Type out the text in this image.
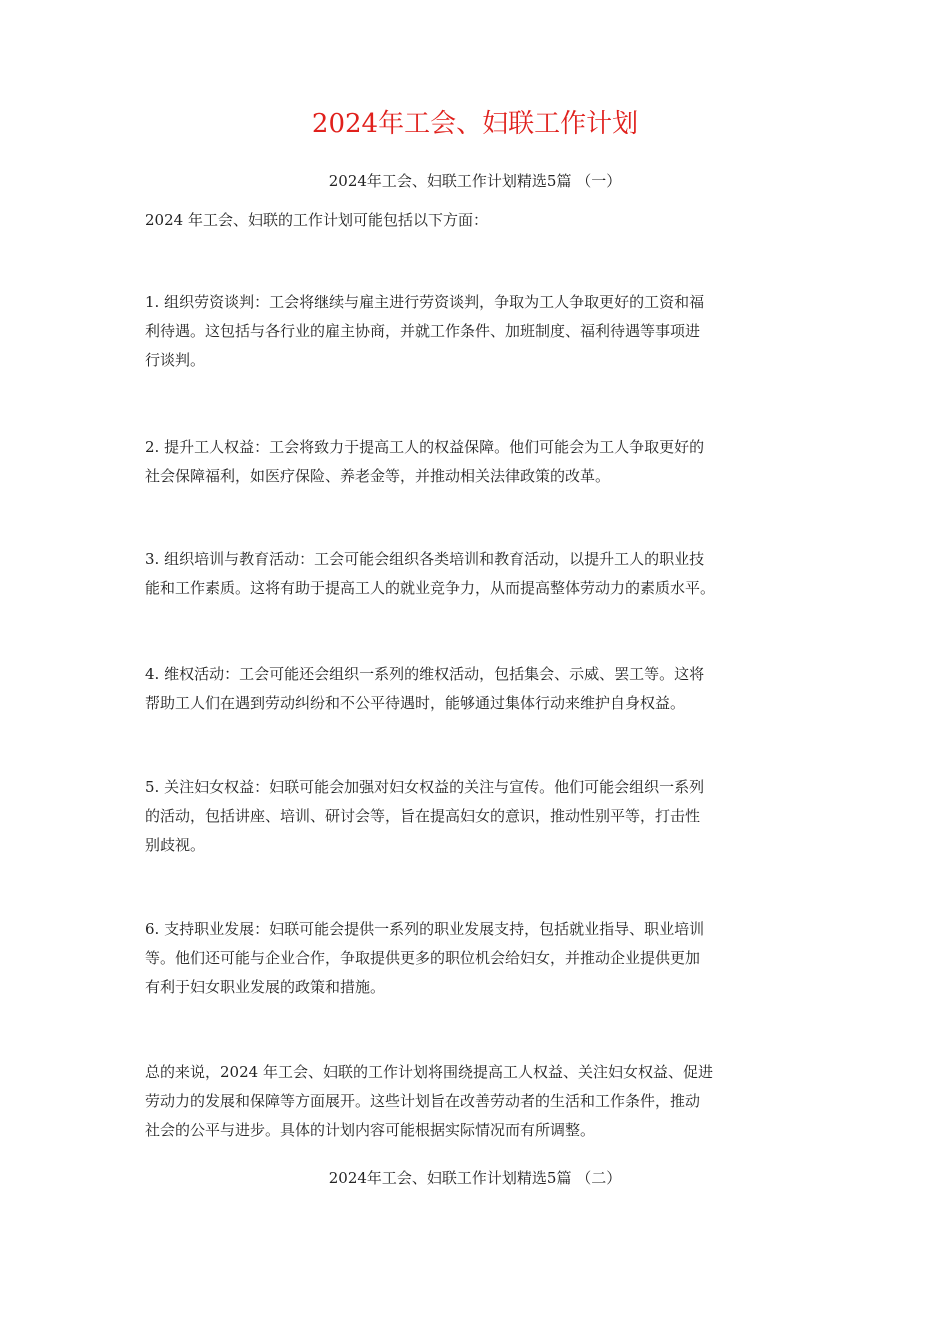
2024年工会、妇联工作计划

2024年工会、妇联工作计划精选5篇 （一）

2024 年工会、妇联的工作计划可能包括以下方面：

1. 组织劳资谈判：工会将继续与雇主进行劳资谈判，争取为工人争取更好的工资和福
利待遇。这包括与各行业的雇主协商，并就工作条件、加班制度、福利待遇等事项进
行谈判。
2. 提升工人权益：工会将致力于提高工人的权益保障。他们可能会为工人争取更好的
社会保障福利，如医疗保险、养老金等，并推动相关法律政策的改革。
3. 组织培训与教育活动：工会可能会组织各类培训和教育活动，以提升工人的职业技
能和工作素质。这将有助于提高工人的就业竞争力，从而提高整体劳动力的素质水平。
4. 维权活动：工会可能还会组织一系列的维权活动，包括集会、示威、罢工等。这将
帮助工人们在遇到劳动纠纷和不公平待遇时，能够通过集体行动来维护自身权益。
5. 关注妇女权益：妇联可能会加强对妇女权益的关注与宣传。他们可能会组织一系列
的活动，包括讲座、培训、研讨会等，旨在提高妇女的意识，推动性别平等，打击性
别歧视。
6. 支持职业发展：妇联可能会提供一系列的职业发展支持，包括就业指导、职业培训
等。他们还可能与企业合作，争取提供更多的职位机会给妇女，并推动企业提供更加
有利于妇女职业发展的政策和措施。
总的来说，2024 年工会、妇联的工作计划将围绕提高工人权益、关注妇女权益、促进
劳动力的发展和保障等方面展开。这些计划旨在改善劳动者的生活和工作条件，推动
社会的公平与进步。具体的计划内容可能根据实际情况而有所调整。

2024年工会、妇联工作计划精选5篇 （二）
